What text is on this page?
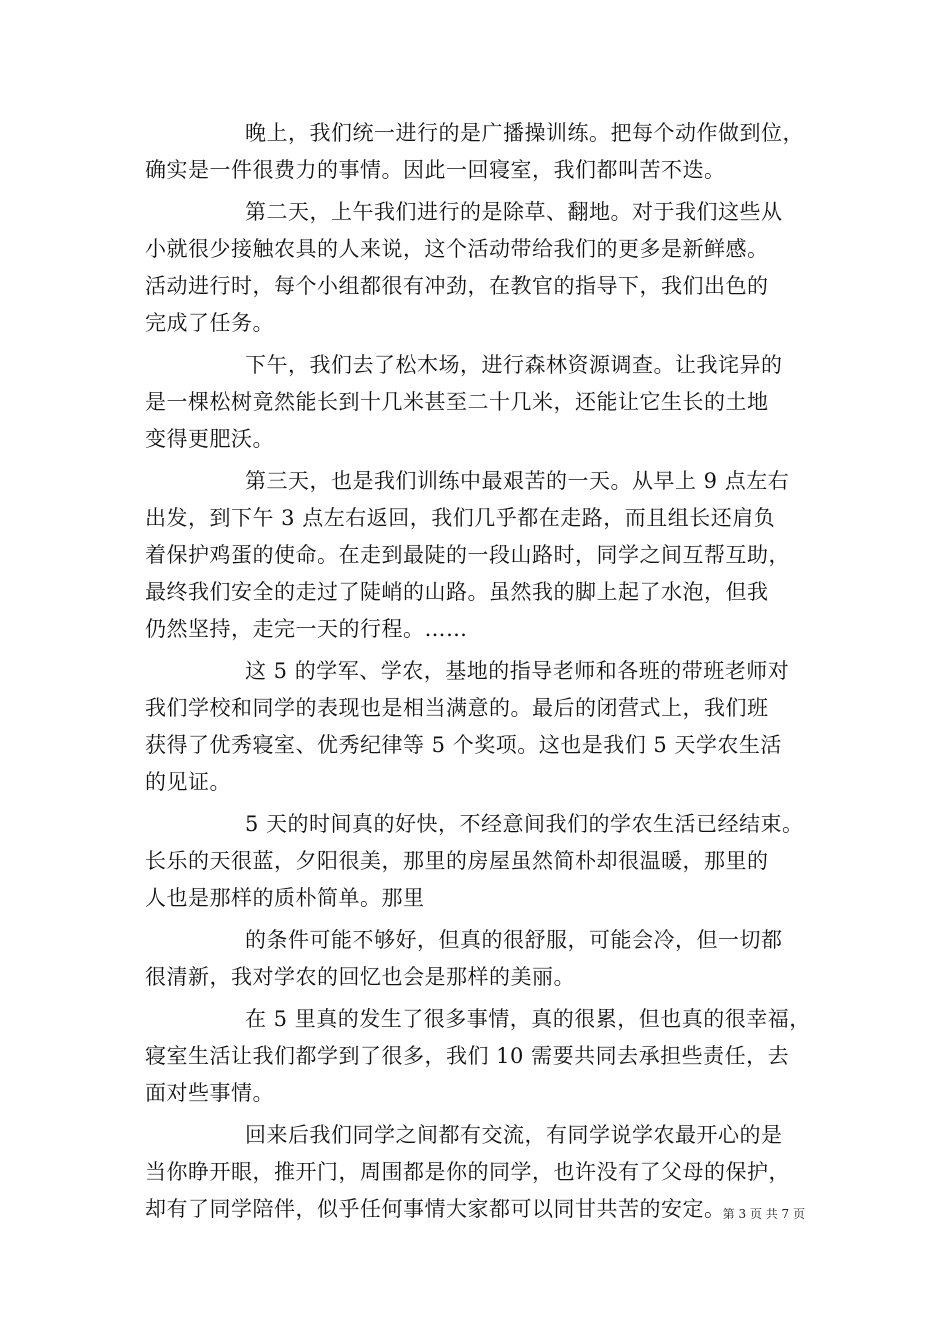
晚上，我们统一进行的是广播操训练。把每个动作做到位，
确实是一件很费力的事情。因此一回寝室，我们都叫苦不迭。

第二天，上午我们进行的是除草、翻地。对于我们这些从
小就很少接触农具的人来说，这个活动带给我们的更多是新鲜感。
活动进行时，每个小组都很有冲劲，在教官的指导下，我们出色的
完成了任务。

下午，我们去了松木场，进行森林资源调查。让我诧异的
是一棵松树竟然能长到十几米甚至二十几米，还能让它生长的土地
变得更肥沃。

第三天，也是我们训练中最艰苦的一天。从早上 9 点左右
出发，到下午 3 点左右返回，我们几乎都在走路，而且组长还肩负
着保护鸡蛋的使命。在走到最陡的一段山路时，同学之间互帮互助，
最终我们安全的走过了陡峭的山路。虽然我的脚上起了水泡，但我
仍然坚持，走完一天的行程。……

这 5 的学军、学农，基地的指导老师和各班的带班老师对
我们学校和同学的表现也是相当满意的。最后的闭营式上，我们班
获得了优秀寝室、优秀纪律等 5 个奖项。这也是我们 5 天学农生活
的见证。

5 天的时间真的好快，不经意间我们的学农生活已经结束。
长乐的天很蓝，夕阳很美，那里的房屋虽然简朴却很温暖，那里的
人也是那样的质朴简单。那里

的条件可能不够好，但真的很舒服，可能会冷，但一切都
很清新，我对学农的回忆也会是那样的美丽。

在 5 里真的发生了很多事情，真的很累，但也真的很幸福，
寝室生活让我们都学到了很多，我们 10 需要共同去承担些责任，去
面对些事情。

回来后我们同学之间都有交流，有同学说学农最开心的是
当你睁开眼，推开门，周围都是你的同学，也许没有了父母的保护，
却有了同学陪伴，似乎任何事情大家都可以同甘共苦的安定。

第 3 页 共 7 页
